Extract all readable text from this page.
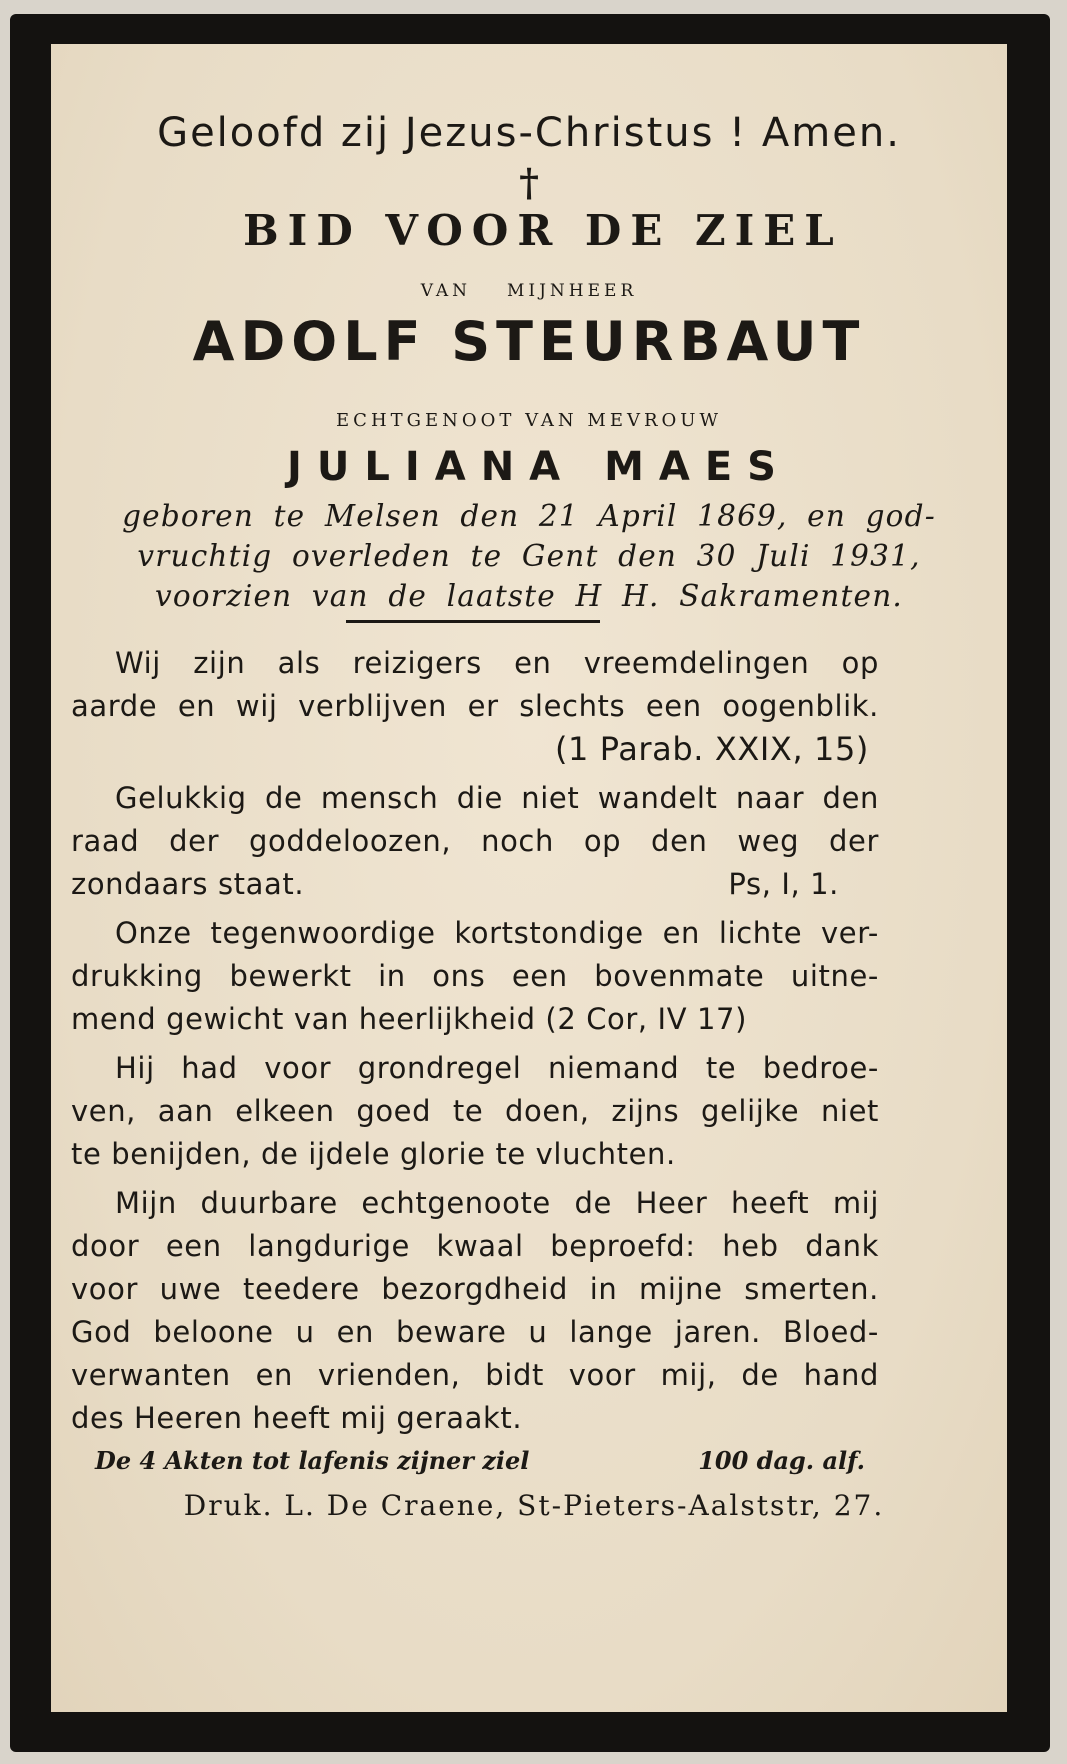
Geloofd zij Jezus-Christus ! Amen.
†
BID VOOR DE ZIEL
VAN MIJNHEER
ADOLF STEURBAUT
ECHTGENOOT VAN MEVROUW
JULIANA MAES
geboren te Melsen den 21 April 1869, en god-
vruchtig overleden te Gent den 30 Juli 1931,
voorzien van de laatste H H. Sakramenten.
Wij zijn als reizigers en vreemdelingen op
aarde en wij verblijven er slechts een oogenblik.
(1 Parab. XXIX, 15)
Gelukkig de mensch die niet wandelt naar den
raad der goddeloozen, noch op den weg der
zondaars staat.	Ps, I, 1.
Onze tegenwoordige kortstondige en lichte ver-
drukking bewerkt in ons een bovenmate uitne-
mend gewicht van heerlijkheid (2 Cor, IV 17)
Hij had voor grondregel niemand te bedroe-
ven, aan elkeen goed te doen, zijns gelijke niet
te benijden, de ijdele glorie te vluchten.
Mijn duurbare echtgenoote de Heer heeft mij
door een langdurige kwaal beproefd: heb dank
voor uwe teedere bezorgdheid in mijne smerten.
God beloone u en beware u lange jaren. Bloed-
verwanten en vrienden, bidt voor mij, de hand
des Heeren heeft mij geraakt.
De 4 Akten tot lafenis zijner ziel	100 dag. alf.
Druk. L. De Craene, St-Pieters-Aalststr, 27.
